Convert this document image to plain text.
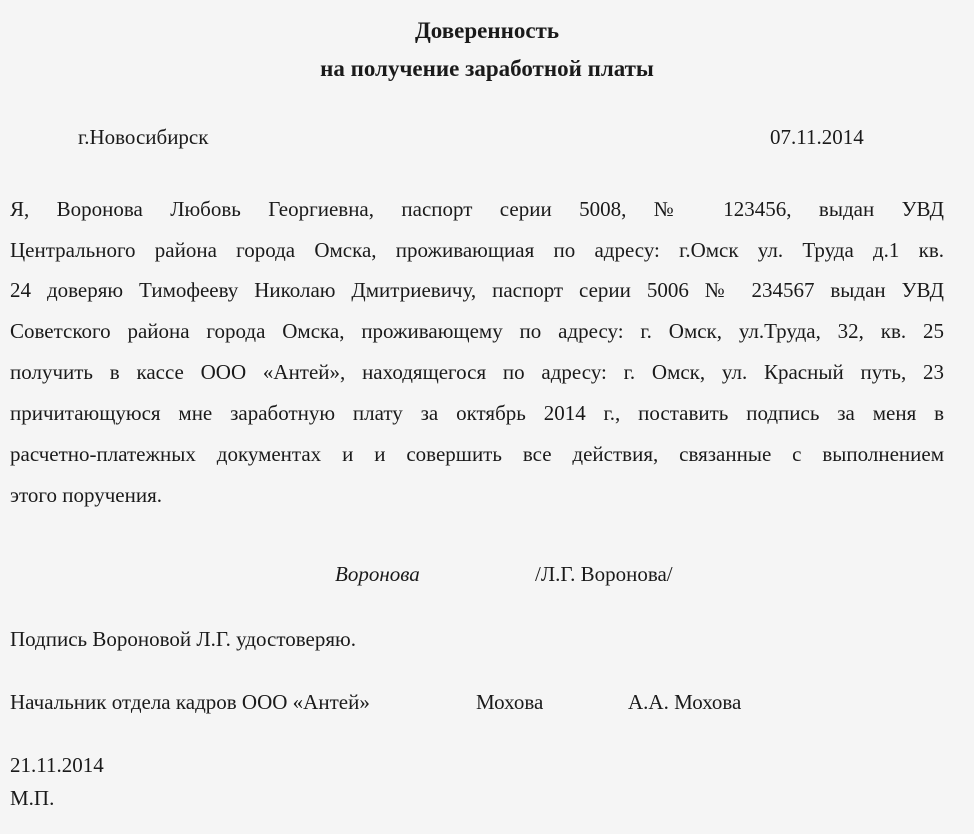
Доверенность
на получение заработной платы
г.Новосибирск	07.11.2014
Я, Воронова Любовь Георгиевна, паспорт серии 5008, № 123456, выдан УВД
Центрального района города Омска, проживающиая по адресу: г.Омск ул. Труда д.1 кв.
24 доверяю Тимофееву Николаю Дмитриевичу, паспорт серии 5006 № 234567 выдан УВД
Советского района города Омска, проживающему по адресу: г. Омск, ул.Труда, 32, кв. 25
получить в кассе ООО «Антей», находящегося по адресу: г. Омск, ул. Красный путь, 23
причитающуюся мне заработную плату за октябрь 2014 г., поставить подпись за меня в
расчетно-платежных документах и и совершить все действия, связанные с выполнением
этого поручения.
Воронова	/Л.Г. Воронова/
Подпись Вороновой Л.Г. удостоверяю.
Начальник отдела кадров ООО «Антей»	Мохова	А.А. Мохова
21.11.2014
М.П.
